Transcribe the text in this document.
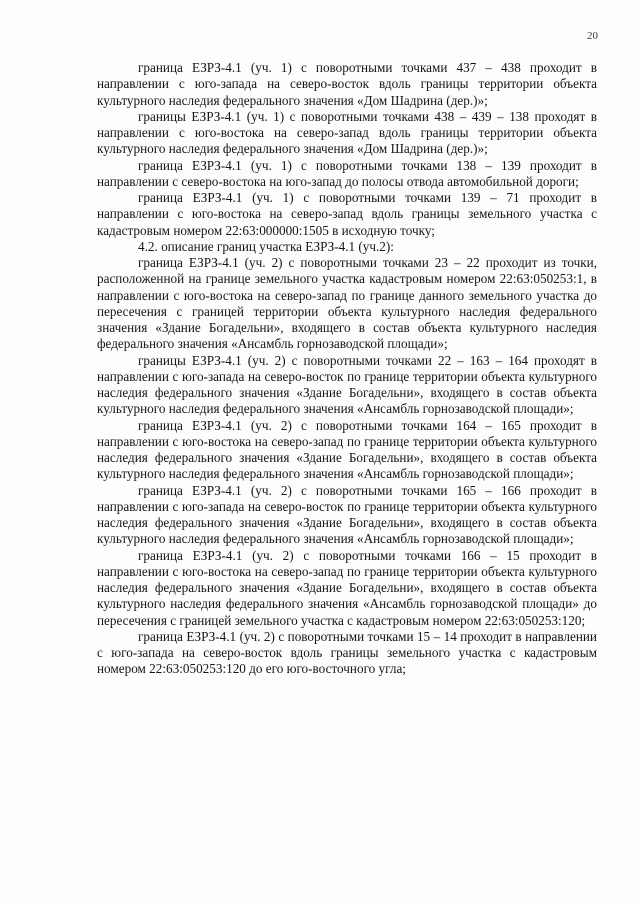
20

граница ЕЗРЗ-4.1 (уч. 1) с поворотными точками 437 – 438 проходит в направлении с юго-запада на северо-восток вдоль границы территории объекта культурного наследия федерального значения «Дом Шадрина (дер.)»;

границы ЕЗРЗ-4.1 (уч. 1) с поворотными точками 438 – 439 – 138 проходят в направлении с юго-востока на северо-запад вдоль границы территории объекта культурного наследия федерального значения «Дом Шадрина (дер.)»;

граница ЕЗРЗ-4.1 (уч. 1) с поворотными точками 138 – 139 проходит в направлении с северо-востока на юго-запад до полосы отвода автомобильной дороги;

граница ЕЗРЗ-4.1 (уч. 1) с поворотными точками 139 – 71 проходит в направлении с юго-востока на северо-запад вдоль границы земельного участка с кадастровым номером 22:63:000000:1505 в исходную точку;

4.2. описание границ участка ЕЗРЗ-4.1 (уч.2):

граница ЕЗРЗ-4.1 (уч. 2) с поворотными точками 23 – 22 проходит из точки, расположенной на границе земельного участка кадастровым номером 22:63:050253:1, в направлении с юго-востока на северо-запад по границе данного земельного участка до пересечения с границей территории объекта культурного наследия федерального значения «Здание Богадельни», входящего в состав объекта культурного наследия федерального значения «Ансамбль горнозаводской площади»;

границы ЕЗРЗ-4.1 (уч. 2) с поворотными точками 22 – 163 – 164 проходят в направлении с юго-запада на северо-восток по границе территории объекта культурного наследия федерального значения «Здание Богадельни», входящего в состав объекта культурного наследия федерального значения «Ансамбль горнозаводской площади»;

граница ЕЗРЗ-4.1 (уч. 2) с поворотными точками 164 – 165 проходит в направлении с юго-востока на северо-запад по границе территории объекта культурного наследия федерального значения «Здание Богадельни», входящего в состав объекта культурного наследия федерального значения «Ансамбль горнозаводской площади»;

граница ЕЗРЗ-4.1 (уч. 2) с поворотными точками 165 – 166 проходит в направлении с юго-запада на северо-восток по границе территории объекта культурного наследия федерального значения «Здание Богадельни», входящего в состав объекта культурного наследия федерального значения «Ансамбль горнозаводской площади»;

граница ЕЗРЗ-4.1 (уч. 2) с поворотными точками 166 – 15 проходит в направлении с юго-востока на северо-запад по границе территории объекта культурного наследия федерального значения «Здание Богадельни», входящего в состав объекта культурного наследия федерального значения «Ансамбль горнозаводской площади» до пересечения с границей земельного участка с кадастровым номером 22:63:050253:120;

граница ЕЗРЗ-4.1 (уч. 2) с поворотными точками 15 – 14 проходит в направлении с юго-запада на северо-восток вдоль границы земельного участка с кадастровым номером 22:63:050253:120 до его юго-восточного угла;
